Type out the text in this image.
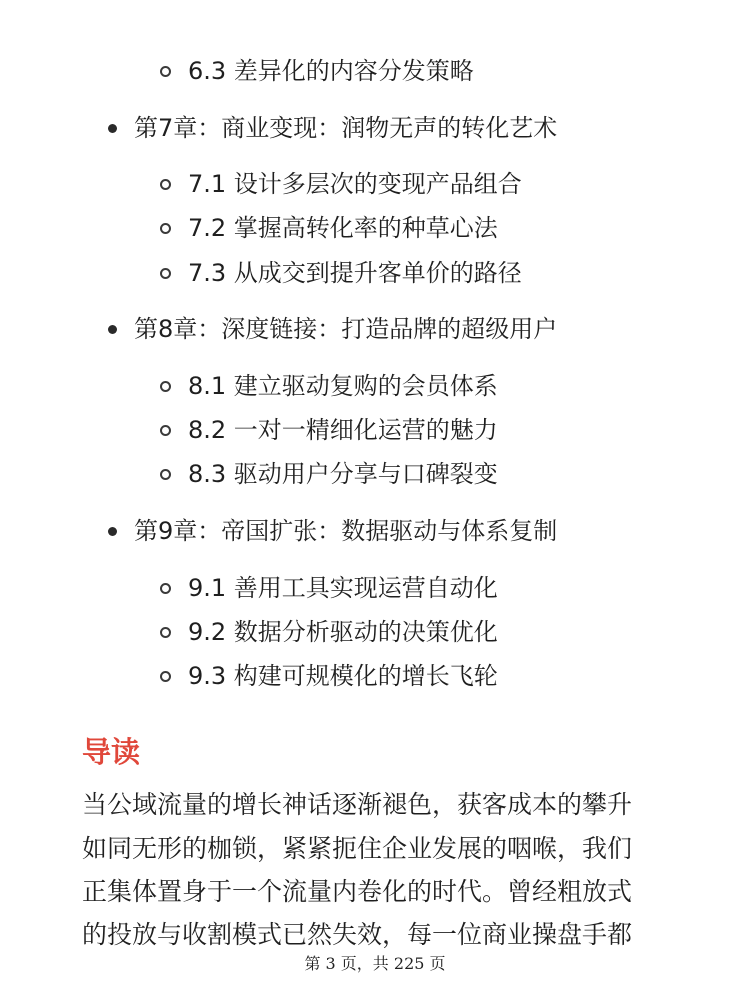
6.3 差异化的内容分发策略
第7章：商业变现：润物无声的转化艺术
7.1 设计多层次的变现产品组合
7.2 掌握高转化率的种草心法
7.3 从成交到提升客单价的路径
第8章：深度链接：打造品牌的超级用户
8.1 建立驱动复购的会员体系
8.2 一对一精细化运营的魅力
8.3 驱动用户分享与口碑裂变
第9章：帝国扩张：数据驱动与体系复制
9.1 善用工具实现运营自动化
9.2 数据分析驱动的决策优化
9.3 构建可规模化的增长飞轮
导读
当公域流量的增长神话逐渐褪色，获客成本的攀升
如同无形的枷锁，紧紧扼住企业发展的咽喉，我们
正集体置身于一个流量内卷化的时代。曾经粗放式
的投放与收割模式已然失效，每一位商业操盘手都
第 3 页，共 225 页
